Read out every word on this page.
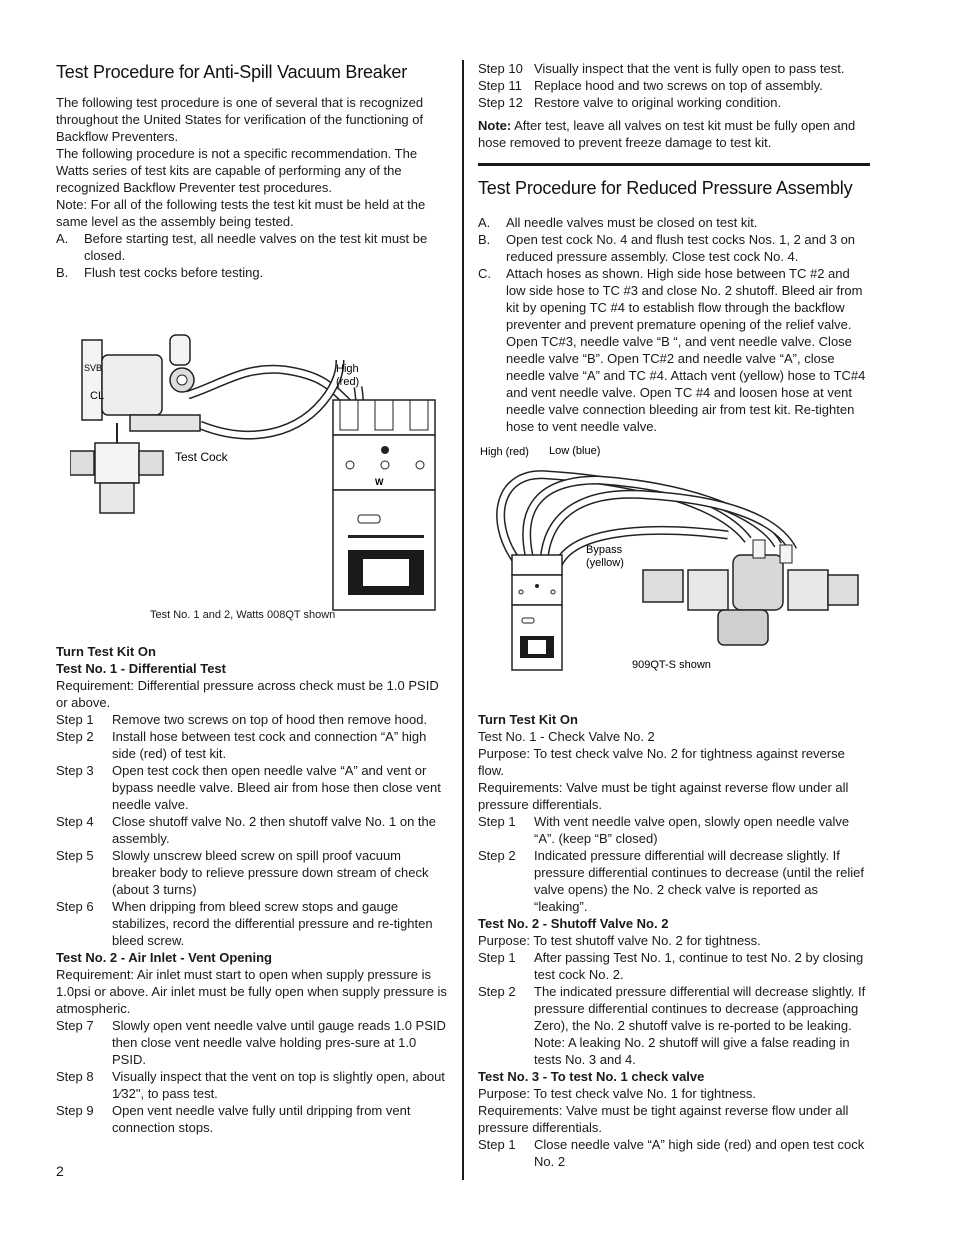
Test Procedure for Anti-Spill Vacuum Breaker
The following test procedure is one of several that is recognized throughout the United States for verification of the functioning of Backflow Preventers.
The following procedure is not a specific recommendation. The Watts series of test kits are capable of performing any of the recognized Backflow Preventer test procedures.
Note: For all of the following tests the test kit must be held at the same level as the assembly being tested.
A.	Before starting test, all needle valves on the test kit must be closed.
B.	Flush test cocks before testing.
SVB
CL
W
High
(red)
Test Cock
Test No. 1 and 2, Watts 008QT shown
Turn Test Kit On
Test No. 1 - Differential Test
Requirement: Differential pressure across check must be 1.0 PSID or above.
Step 1	Remove two screws on top of hood then remove hood.
Step 2	Install hose between test cock and connection “A” high side (red) of test kit.
Step 3	Open test cock then open needle valve “A” and vent or bypass needle valve. Bleed air from hose then close vent needle valve.
Step 4	Close shutoff valve No. 2 then shutoff valve No. 1 on the assembly.
Step 5	Slowly unscrew bleed screw on spill proof vacuum breaker body to relieve pressure down stream of check (about 3 turns)
Step 6	When dripping from bleed screw stops and gauge stabilizes, record the differential pressure and re-tighten bleed screw.
Test No. 2 - Air Inlet - Vent Opening
Requirement: Air inlet must start to open when supply pressure is 1.0psi or above. Air inlet must be fully open when supply pressure is atmospheric.
Step 7	Slowly open vent needle valve until gauge reads 1.0 PSID then close vent needle valve holding pres-sure at 1.0 PSID.
Step 8	Visually inspect that the vent on top is slightly open, about 1⁄32", to pass test.
Step 9	Open vent needle valve fully until dripping from vent connection stops.
2
Step 10 Visually inspect that the vent is fully open to pass test.
Step 11 Replace hood and two screws on top of assembly.
Step 12 Restore valve to original working condition.
Note: After test, leave all valves on test kit must be fully open and hose removed to prevent freeze damage to test kit.
Test Procedure for Reduced Pressure Assembly
A.	All needle valves must be closed on test kit.
B.	Open test cock No. 4 and flush test cocks Nos. 1, 2 and 3 on reduced pressure assembly. Close test cock No. 4.
C.	Attach hoses as shown. High side hose between TC #2 and low side hose to TC #3 and close No. 2 shutoff. Bleed air from kit by opening TC #4 to establish flow through the backflow preventer and prevent premature opening of the relief valve. Open TC#3, needle valve “B “, and vent needle valve. Close needle valve “B”. Open TC#2 and needle valve “A”, close needle valve “A” and TC #4. Attach vent (yellow) hose to TC#4 and vent needle valve. Open TC #4 and loosen hose at vent needle valve connection bleeding air from test kit. Re-tighten hose to vent needle valve.
High (red) Low (blue)
Bypass
(yellow)
909QT-S shown
Turn Test Kit On
Test No. 1 - Check Valve No. 2
Purpose: To test check valve No. 2 for tightness against reverse flow.
Requirements: Valve must be tight against reverse flow under all pressure differentials.
Step 1	With vent needle valve open, slowly open needle valve “A”. (keep “B” closed)
Step 2	Indicated pressure differential will decrease slightly. If pressure differential continues to decrease (until the relief valve opens) the No. 2 check valve is reported as “leaking”.
Test No. 2 - Shutoff Valve No. 2
Purpose: To test shutoff valve No. 2 for tightness.
Step 1	After passing Test No. 1, continue to test No. 2 by closing test cock No. 2.
Step 2	The indicated pressure differential will decrease slightly. If pressure differential continues to decrease (approaching Zero), the No. 2 shutoff valve is re-ported to be leaking. Note: A leaking No. 2 shutoff will give a false reading in tests No. 3 and 4.
Test No. 3 - To test No. 1 check valve
Purpose: To test check valve No. 1 for tightness.
Requirements: Valve must be tight against reverse flow under all pressure differentials.
Step 1	Close needle valve “A” high side (red) and open test cock No. 2
